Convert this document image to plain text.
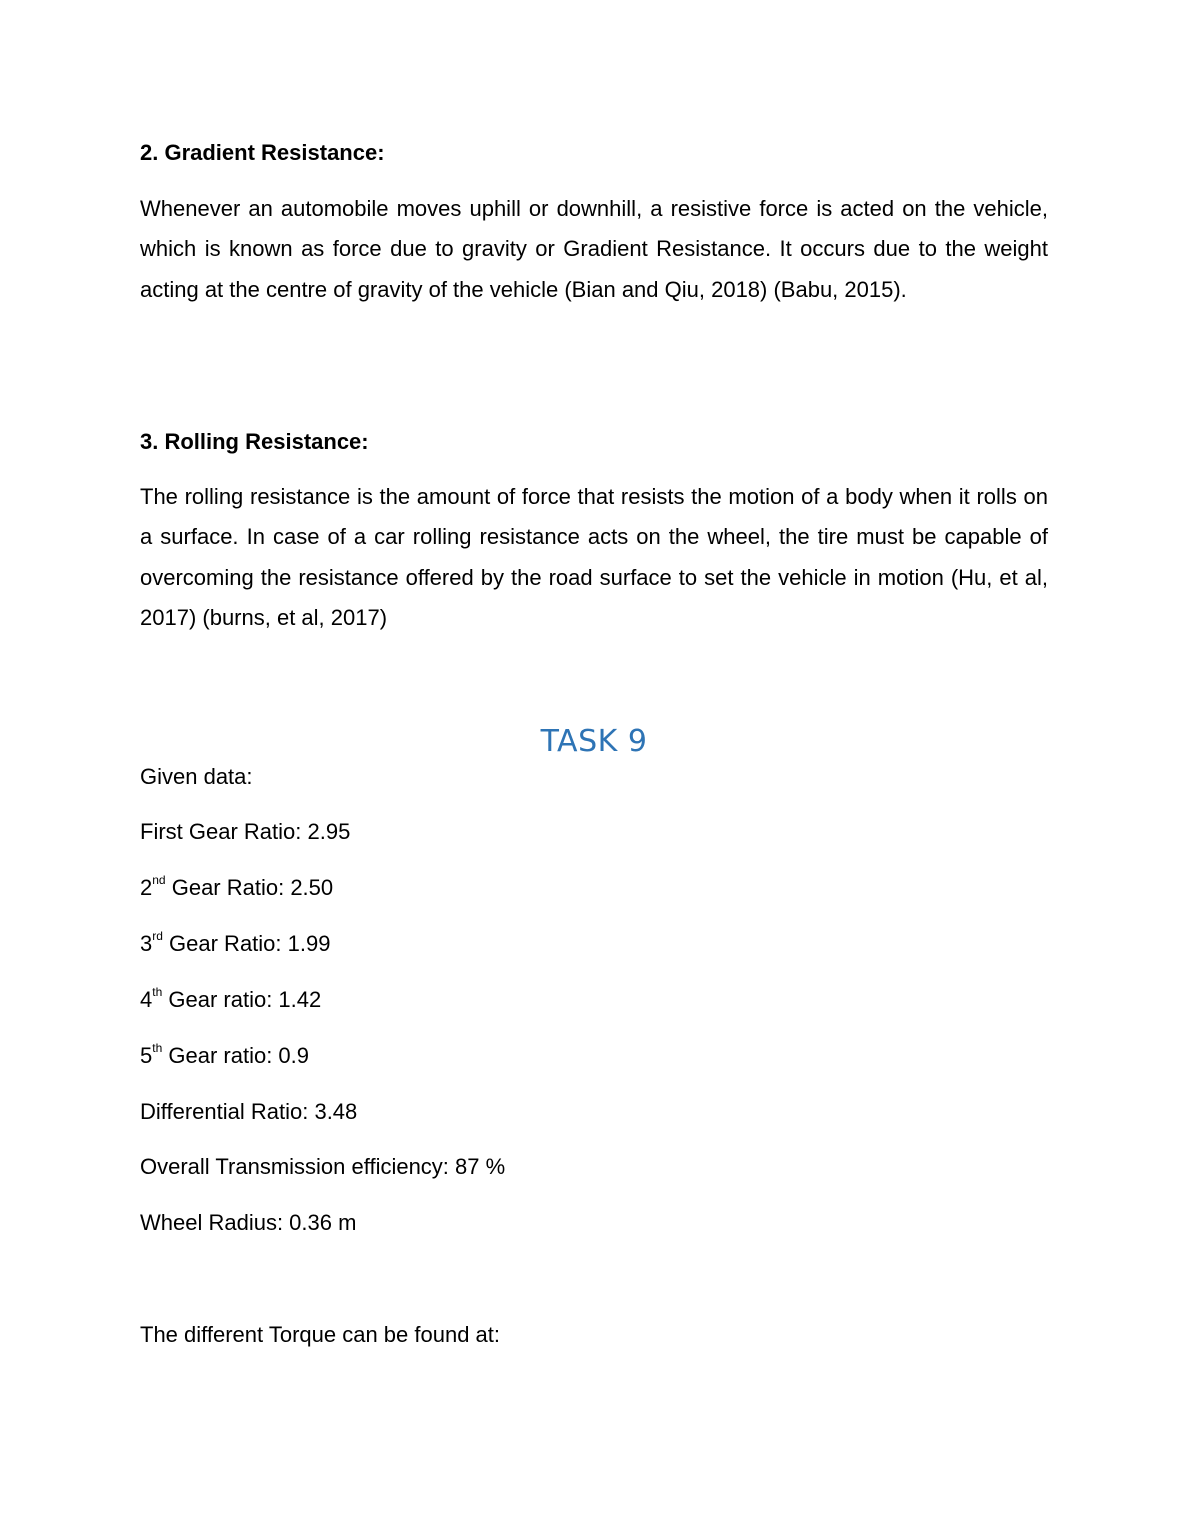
2. Gradient Resistance:

Whenever an automobile moves uphill or downhill, a resistive force is acted on the vehicle, which is known as force due to gravity or Gradient Resistance. It occurs due to the weight acting at the centre of gravity of the vehicle (Bian and Qiu, 2018) (Babu, 2015).

3. Rolling Resistance:

The rolling resistance is the amount of force that resists the motion of a body when it rolls on a surface. In case of a car rolling resistance acts on the wheel, the tire must be capable of overcoming the resistance offered by the road surface to set the vehicle in motion (Hu, et al, 2017) (burns, et al, 2017)

TASK 9
Given data:
First Gear Ratio: 2.95
2nd Gear Ratio: 2.50
3rd Gear Ratio: 1.99
4th Gear ratio: 1.42
5th Gear ratio: 0.9
Differential Ratio: 3.48
Overall Transmission efficiency: 87 %
Wheel Radius: 0.36 m
The different Torque can be found at:
